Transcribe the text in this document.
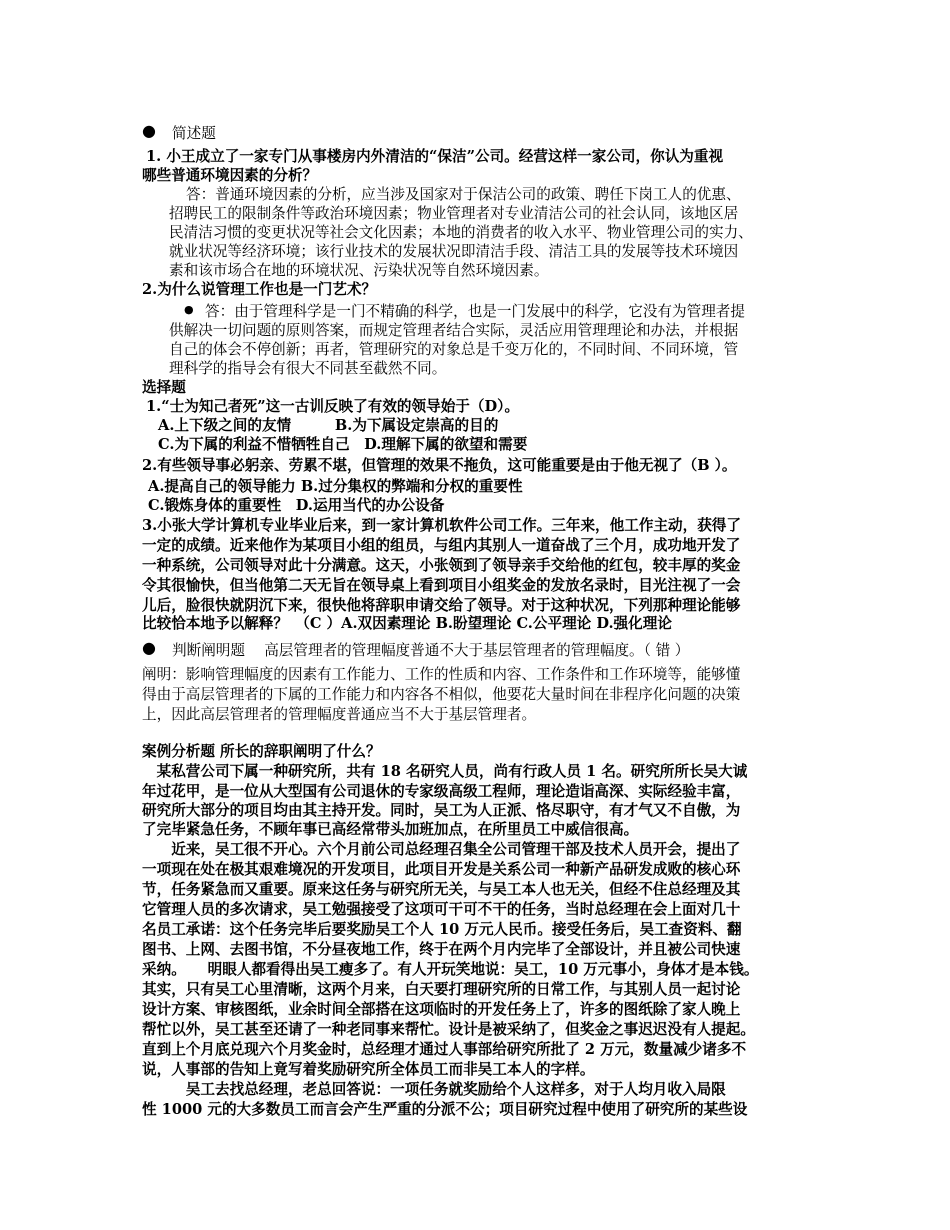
● 简述题
1. 小王成立了一家专门从事楼房内外清洁的“保洁”公司。经营这样一家公司，你认为重视
哪些普通环境因素的分析？
答：普通环境因素的分析，应当涉及国家对于保洁公司的政策、聘任下岗工人的优惠、
招聘民工的限制条件等政治环境因素；物业管理者对专业清洁公司的社会认同，该地区居
民清洁习惯的变更状况等社会文化因素；本地的消费者的收入水平、物业管理公司的实力、
就业状况等经济环境；该行业技术的发展状况即清洁手段、清洁工具的发展等技术环境因
素和该市场合在地的环境状况、污染状况等自然环境因素。
2.为什么说管理工作也是一门艺术？
● 答：由于管理科学是一门不精确的科学，也是一门发展中的科学，它没有为管理者提
供解决一切问题的原则答案，而规定管理者结合实际，灵活应用管理理论和办法，并根据
自己的体会不停创新；再者，管理研究的对象总是千变万化的，不同时间、不同环境，管
理科学的指导会有很大不同甚至截然不同。
选择题
1.“士为知己者死”这一古训反映了有效的领导始于（D）。
A.上下级之间的友情　　　B.为下属设定崇高的目的
C.为下属的利益不惜牺牲自己　D.理解下属的欲望和需要
2.有些领导事必躬亲、劳累不堪，但管理的效果不拖负，这可能重要是由于他无视了（B ）。
A.提高自己的领导能力 B.过分集权的弊端和分权的重要性
C.锻炼身体的重要性　D.运用当代的办公设备
3.小张大学计算机专业毕业后来，到一家计算机软件公司工作。三年来，他工作主动，获得了
一定的成绩。近来他作为某项目小组的组员，与组内其别人一道奋战了三个月，成功地开发了
一种系统，公司领导对此十分满意。这天，小张领到了领导亲手交给他的红包，较丰厚的奖金
令其很愉快，但当他第二天无旨在领导桌上看到项目小组奖金的发放名录时，目光注视了一会
儿后，脸很快就阴沉下来，很快他将辞职申请交给了领导。对于这种状况，下列那种理论能够
比较恰本地予以解释？　（C ）A.双因素理论 B.盼望理论 C.公平理论 D.强化理论
● 判断阐明题　 高层管理者的管理幅度普通不大于基层管理者的管理幅度。（ 错 ）
阐明：影响管理幅度的因素有工作能力、工作的性质和内容、工作条件和工作环境等，能够懂
得由于高层管理者的下属的工作能力和内容各不相似，他要花大量时间在非程序化问题的决策
上，因此高层管理者的管理幅度普通应当不大于基层管理者。
案例分析题 所长的辞职阐明了什么？
　某私营公司下属一种研究所，共有 18 名研究人员，尚有行政人员 1 名。研究所所长吴大诚
年过花甲，是一位从大型国有公司退休的专家级高级工程师，理论造诣高深、实际经验丰富，
研究所大部分的项目均由其主持开发。同时，吴工为人正派、恪尽职守，有才气又不自傲，为
了完毕紧急任务，不顾年事已高经常带头加班加点，在所里员工中威信很高。
　　近来，吴工很不开心。六个月前公司总经理召集全公司管理干部及技术人员开会，提出了
一项现在处在极其艰难境况的开发项目，此项目开发是关系公司一种新产品研发成败的核心环
节，任务紧急而又重要。原来这任务与研究所无关，与吴工本人也无关，但经不住总经理及其
它管理人员的多次请求，吴工勉强接受了这项可干可不干的任务，当时总经理在会上面对几十
名员工承诺：这个任务完毕后要奖励吴工个人 10 万元人民币。接受任务后，吴工查资料、翻
图书、上网、去图书馆，不分昼夜地工作，终于在两个月内完毕了全部设计，并且被公司快速
采纳。　　明眼人都看得出吴工瘦多了。有人开玩笑地说：吴工，10 万元事小，身体才是本钱。
其实，只有吴工心里清晰，这两个月来，白天要打理研究所的日常工作，与其别人员一起讨论
设计方案、审核图纸，业余时间全部搭在这项临时的开发任务上了，许多的图纸除了家人晚上
帮忙以外，吴工甚至还请了一种老同事来帮忙。设计是被采纳了，但奖金之事迟迟没有人提起。
直到上个月底兑现六个月奖金时，总经理才通过人事部给研究所批了 2 万元，数量减少诸多不
说，人事部的告知上竟写着奖励研究所全体员工而非吴工本人的字样。
　　　吴工去找总经理，老总回答说：一项任务就奖励给个人这样多，对于人均月收入局限
性 1000 元的大多数员工而言会产生严重的分派不公；项目研究过程中使用了研究所的某些设
